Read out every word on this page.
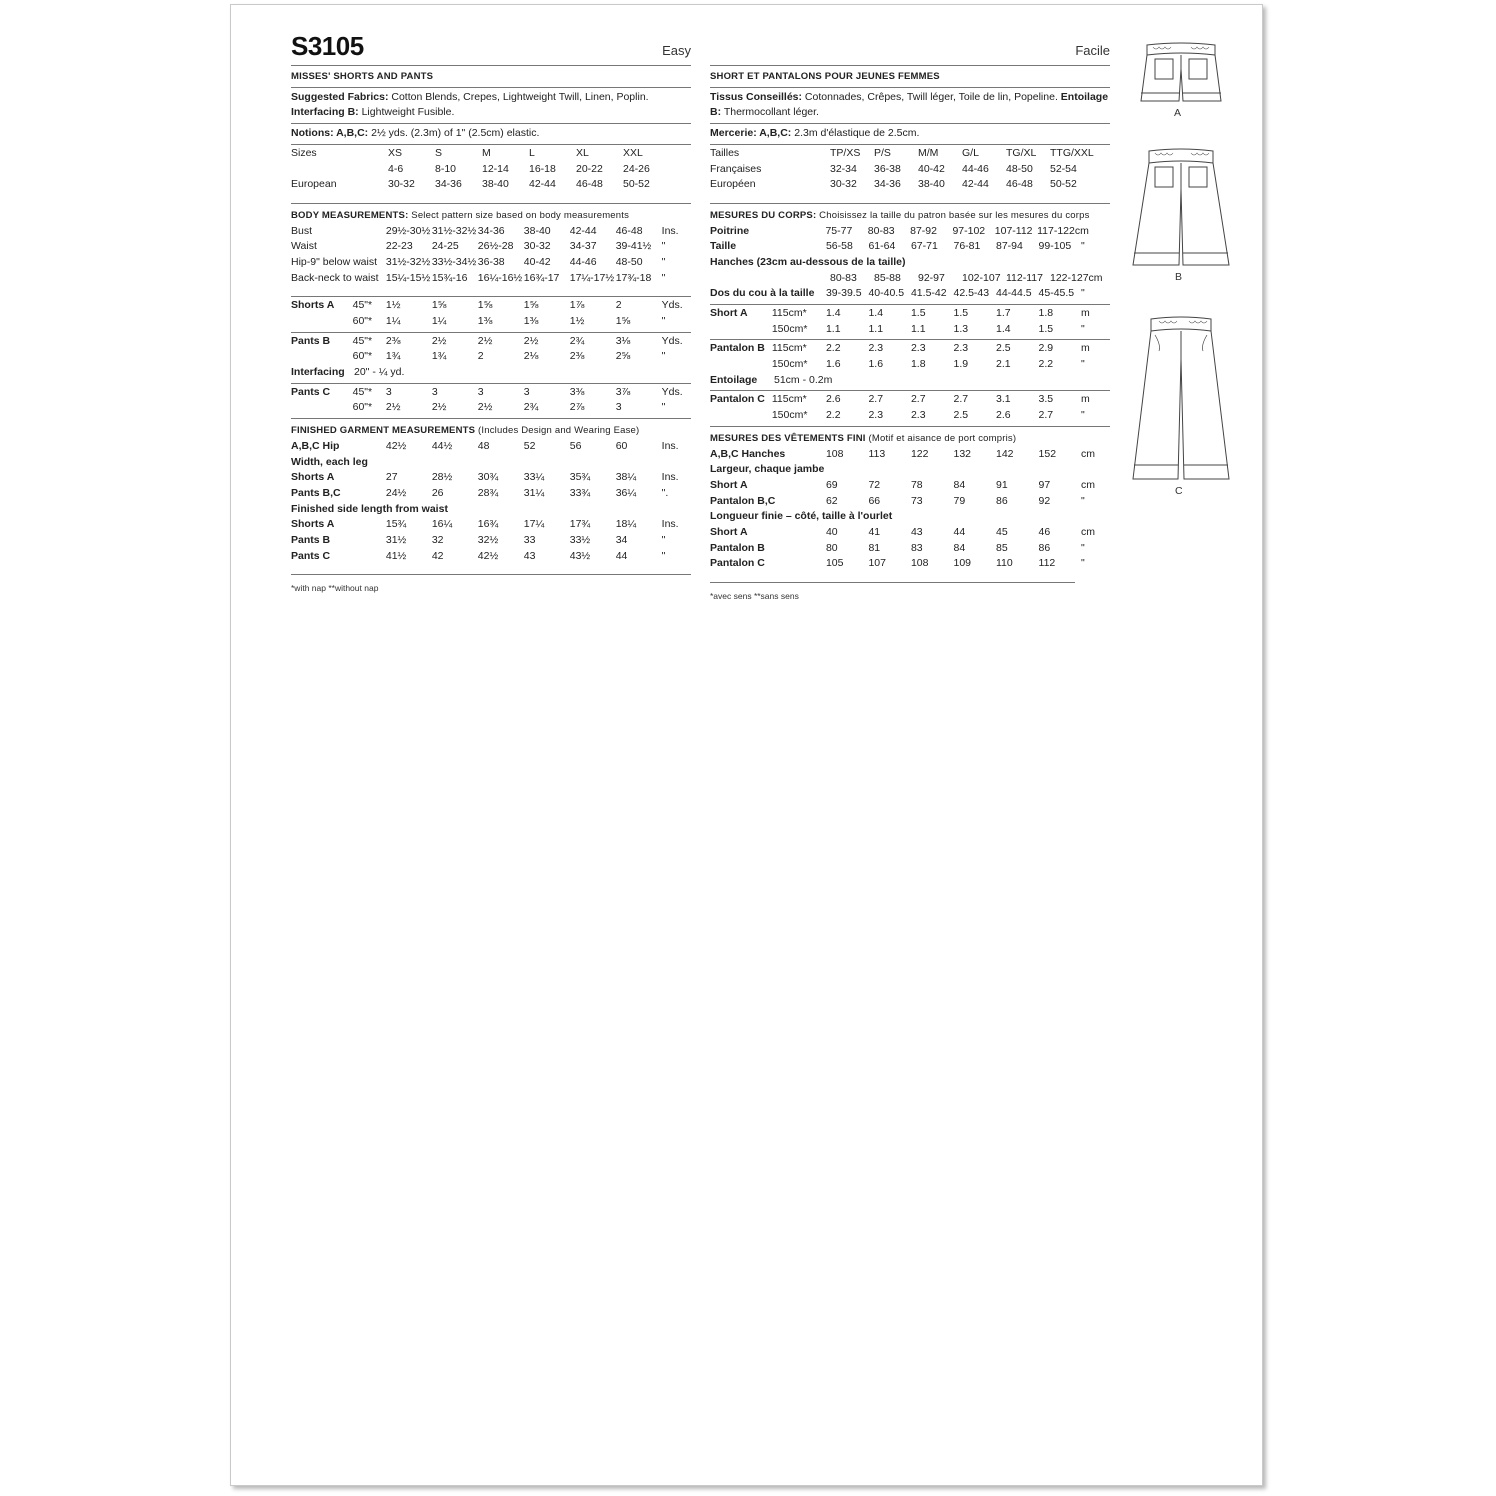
S3105	Easy
MISSES' SHORTS AND PANTS
Suggested Fabrics: Cotton Blends, Crepes, Lightweight Twill, Linen, Poplin. Interfacing B: Lightweight Fusible.
Notions: A,B,C: 2½ yds. (2.3m) of 1" (2.5cm) elastic.
Sizes	XS	S	M	L	XL	XXL
4-6	8-10	12-14	16-18	20-22	24-26
European	30-32	34-36	38-40	42-44	46-48	50-52
BODY MEASUREMENTS: Select pattern size based on body measurements
Bust	29½-30½ 31½-32½ 34-36	38-40	42-44	46-48	Ins.
Waist	22-23	24-25	26½-28 30-32	34-37	39-41½ "
Hip-9" below waist 31½-32½ 33½-34½ 36-38	40-42	44-46	48-50	"
Back-neck to waist 15¼-15½ 15¾-16 16¼-16½ 16¾-17 17¼-17½ 17¾-18 "
Shorts A	45"*	1½	1⅝	1⅝	1⅝	1⅞	2	Yds.
60"*	1¼	1¼	1⅜	1⅜	1½	1⅝	"
Pants B	45"*	2⅜	2½	2½	2½	2¾	3⅛	Yds.
60"*	1¾	1¾	2	2⅛	2⅜	2⅝	"
Interfacing 20" - ¼ yd.
Pants C	45"*	3	3	3	3	3⅜	3⅞	Yds.
60"*	2½	2½	2½	2¾	2⅞	3	"
FINISHED GARMENT MEASUREMENTS (Includes Design and Wearing Ease)
A,B,C Hip	42½	44½	48	52	56	60	Ins.
Width, each leg
Shorts A	27	28½	30¾	33¼	35¾	38¼	Ins.
Pants B,C	24½	26	28¾	31¼	33¾	36¼	".
Finished side length from waist
Shorts A	15¾	16¼	16¾	17¼	17¾	18¼	Ins.
Pants B	31½	32	32½	33	33½	34	"
Pants C	41½	42	42½	43	43½	44	"
*with nap **without nap
Facile
SHORT ET PANTALONS POUR JEUNES FEMMES
Tissus Conseillés: Cotonnades, Crêpes, Twill léger, Toile de lin, Popeline. Entoilage B: Thermocollant léger.
Mercerie: A,B,C: 2.3m d'élastique de 2.5cm.
Tailles	TP/XS	P/S	M/M	G/L	TG/XL	TTG/XXL
Françaises	32-34	36-38	40-42	44-46	48-50	52-54
Européen	30-32	34-36	38-40	42-44	46-48	50-52
MESURES DU CORPS: Choisissez la taille du patron basée sur les mesures du corps
Poitrine	75-77	80-83	87-92	97-102 107-112 117-122cm
Taille	56-58	61-64	67-71	76-81	87-94	99-105 "
Hanches (23cm au-dessous de la taille)
80-83	85-88	92-97	102-107 112-117 122-127cm
Dos du cou à la taille	39-39.5 40-40.5 41.5-42 42.5-43 44-44.5 45-45.5 "
Short A	115cm*	1.4	1.4	1.5	1.5	1.7	1.8	m
150cm*	1.1	1.1	1.1	1.3	1.4	1.5	"
Pantalon B 115cm*	2.2	2.3	2.3	2.3	2.5	2.9	m
150cm*	1.6	1.6	1.8	1.9	2.1	2.2	"
Entoilage	51cm - 0.2m
Pantalon C 115cm*	2.6	2.7	2.7	2.7	3.1	3.5	m
150cm*	2.2	2.3	2.3	2.5	2.6	2.7	"
MESURES DES VÊTEMENTS FINI (Motif et aisance de port compris)
A,B,C Hanches	108	113	122	132	142	152	cm
Largeur, chaque jambe
Short A	69	72	78	84	91	97	cm
Pantalon B,C	62	66	73	79	86	92	"
Longueur finie – côté, taille à l'ourlet
Short A	40	41	43	44	45	46	cm
Pantalon B	80	81	83	84	85	86	"
Pantalon C	105	107	108	109	110	112	"
*avec sens **sans sens
A
B
C
